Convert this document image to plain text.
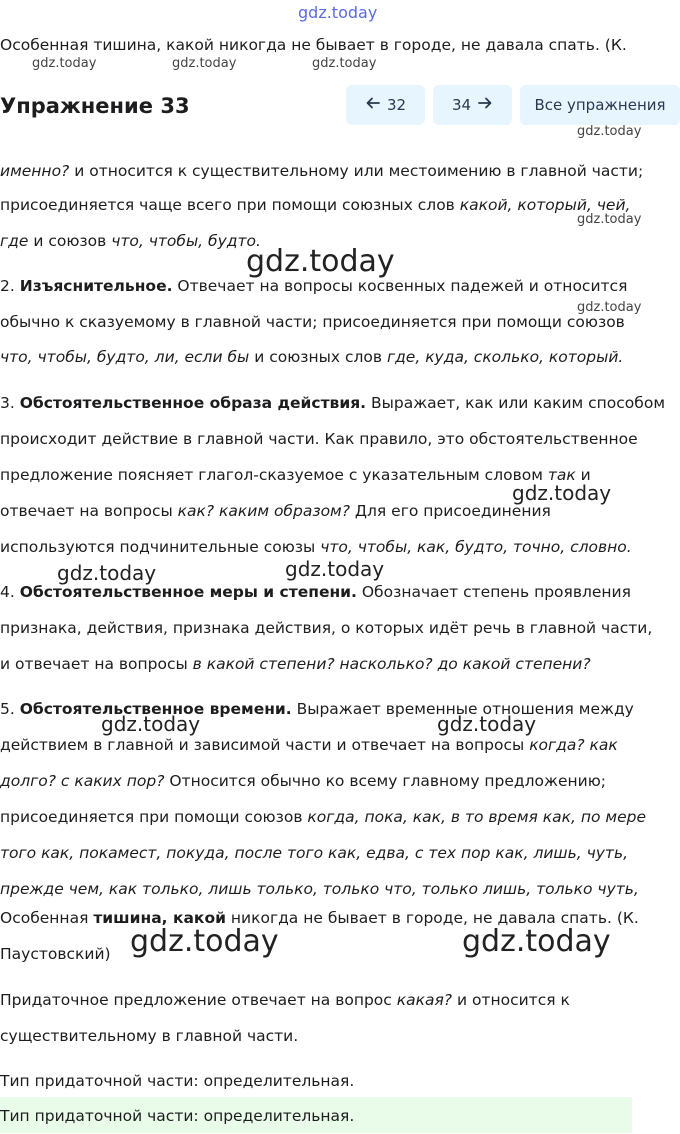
gdz.today
Особенная тишина, какой никогда не бывает в городе, не давала спать. (К.
gdz.today	gdz.today	gdz.today
Упражнение 33	32	34	Все упражнения
gdz.today
именно? и относится к существительному или местоимению в главной части;
присоединяется чаще всего при помощи союзных слов какой, который, чей,
gdz.today
где и союзов что, чтобы, будто.
gdz.today
2. Изъяснительное. Отвечает на вопросы косвенных падежей и относится
gdz.today
обычно к сказуемому в главной части; присоединяется при помощи союзов
что, чтобы, будто, ли, если бы и союзных слов где, куда, сколько, который.
3. Обстоятельственное образа действия. Выражает, как или каким способом
происходит действие в главной части. Как правило, это обстоятельственное
предложение поясняет глагол-сказуемое с указательным словом так и
gdz.today
отвечает на вопросы как? каким образом? Для его присоединения
используются подчинительные союзы что, чтобы, как, будто, точно, словно.
gdz.today	gdz.today
4. Обстоятельственное меры и степени. Обозначает степень проявления
признака, действия, признака действия, о которых идёт речь в главной части,
и отвечает на вопросы в какой степени? насколько? до какой степени?
5. Обстоятельственное времени. Выражает временные отношения между
gdz.today	gdz.today
действием в главной и зависимой части и отвечает на вопросы когда? как
долго? с каких пор? Относится обычно ко всему главному предложению;
присоединяется при помощи союзов когда, пока, как, в то время как, по мере
того как, покамест, покуда, после того как, едва, с тех пор как, лишь, чуть,
прежде чем, как только, лишь только, только что, только лишь, только чуть,
Особенная тишина, какой никогда не бывает в городе, не давала спать. (К.
gdz.today	gdz.today
Паустовский)
Придаточное предложение отвечает на вопрос какая? и относится к
существительному в главной части.
Тип придаточной части: определительная.
Тип придаточной части: определительная.
